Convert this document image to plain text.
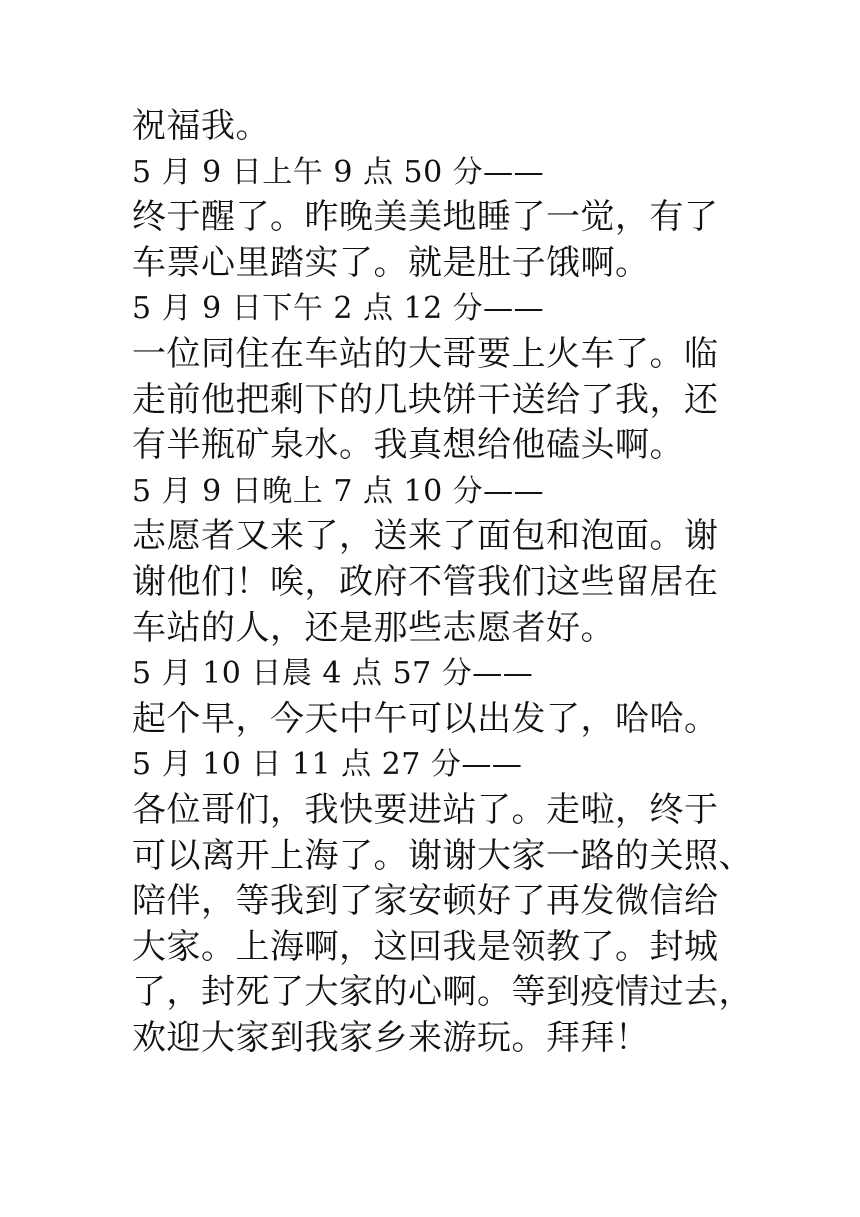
祝福我。
5 月 9 日上午 9 点 50 分——
终于醒了。昨晚美美地睡了一觉，有了
车票心里踏实了。就是肚子饿啊。
5 月 9 日下午 2 点 12 分——
一位同住在车站的大哥要上火车了。临
走前他把剩下的几块饼干送给了我，还
有半瓶矿泉水。我真想给他磕头啊。
5 月 9 日晚上 7 点 10 分——
志愿者又来了，送来了面包和泡面。谢
谢他们！唉，政府不管我们这些留居在
车站的人，还是那些志愿者好。
5 月 10 日晨 4 点 57 分——
起个早，今天中午可以出发了，哈哈。
5 月 10 日 11 点 27 分——
各位哥们，我快要进站了。走啦，终于
可以离开上海了。谢谢大家一路的关照、
陪伴，等我到了家安顿好了再发微信给
大家。上海啊，这回我是领教了。封城
了，封死了大家的心啊。等到疫情过去，
欢迎大家到我家乡来游玩。拜拜！
